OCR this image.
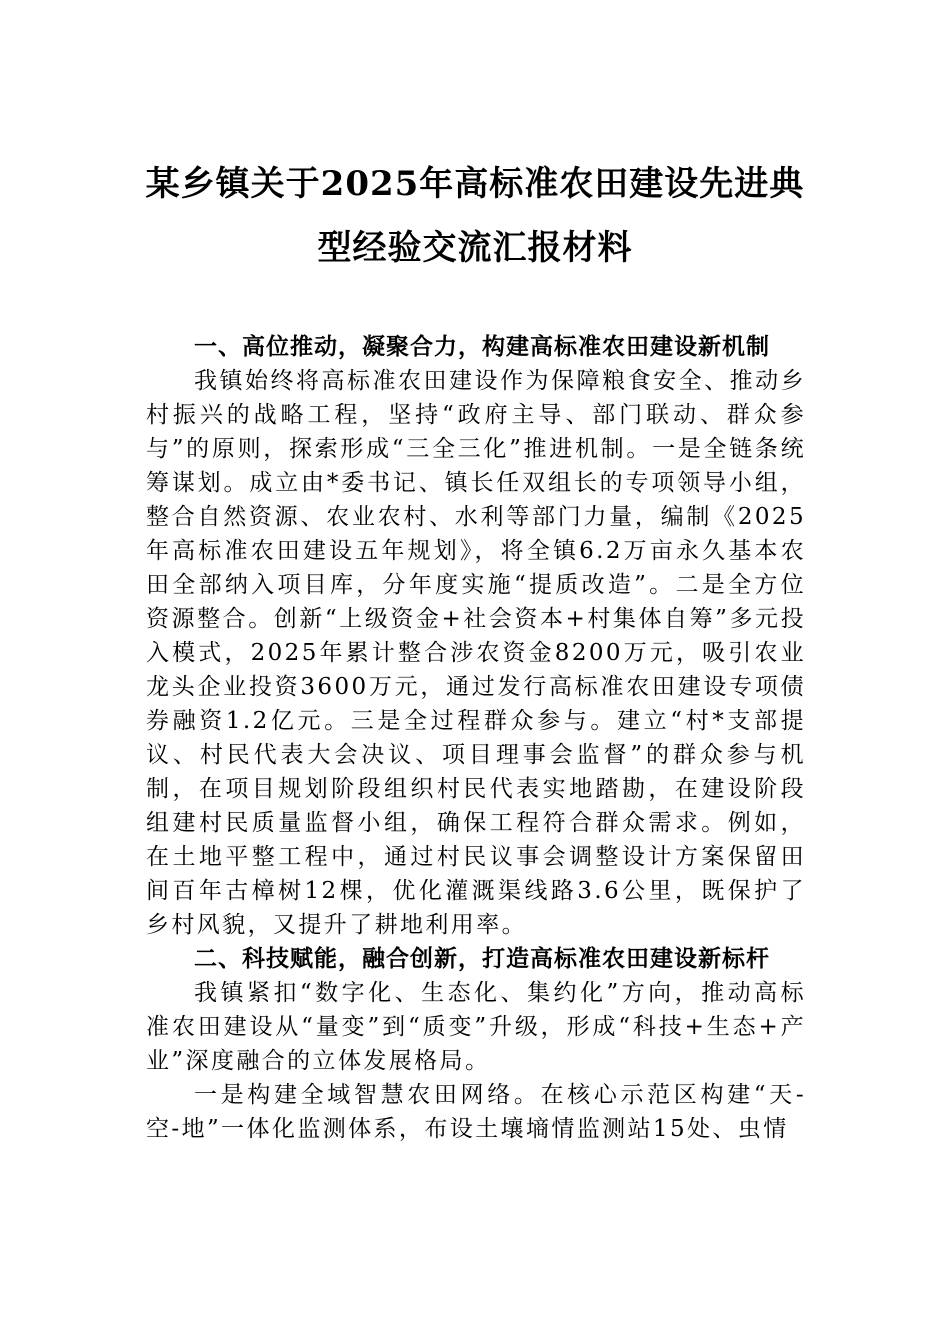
某乡镇关于2025年高标准农田建设先进典
型经验交流汇报材料

一、高位推动，凝聚合力，构建高标准农田建设新机制

我镇始终将高标准农田建设作为保障粮食安全、推动乡村振兴的战略工程，坚持“政府主导、部门联动、群众参与”的原则，探索形成“三全三化”推进机制。一是全链条统筹谋划。成立由*委书记、镇长任双组长的专项领导小组，整合自然资源、农业农村、水利等部门力量，编制《2025年高标准农田建设五年规划》，将全镇6.2万亩永久基本农田全部纳入项目库，分年度实施“提质改造”。二是全方位资源整合。创新“上级资金+社会资本+村集体自筹”多元投入模式，2025年累计整合涉农资金8200万元，吸引农业龙头企业投资3600万元，通过发行高标准农田建设专项债券融资1.2亿元。三是全过程群众参与。建立“村*支部提议、村民代表大会决议、项目理事会监督”的群众参与机制，在项目规划阶段组织村民代表实地踏勘，在建设阶段组建村民质量监督小组，确保工程符合群众需求。例如，在土地平整工程中，通过村民议事会调整设计方案保留田间百年古樟树12棵，优化灌溉渠线路3.6公里，既保护了乡村风貌，又提升了耕地利用率。

二、科技赋能，融合创新，打造高标准农田建设新标杆

我镇紧扣“数字化、生态化、集约化”方向，推动高标准农田建设从“量变”到“质变”升级，形成“科技+生态+产业”深度融合的立体发展格局。

一是构建全域智慧农田网络。在核心示范区构建“天-空-地”一体化监测体系，布设土壤墒情监测站15处、虫情
